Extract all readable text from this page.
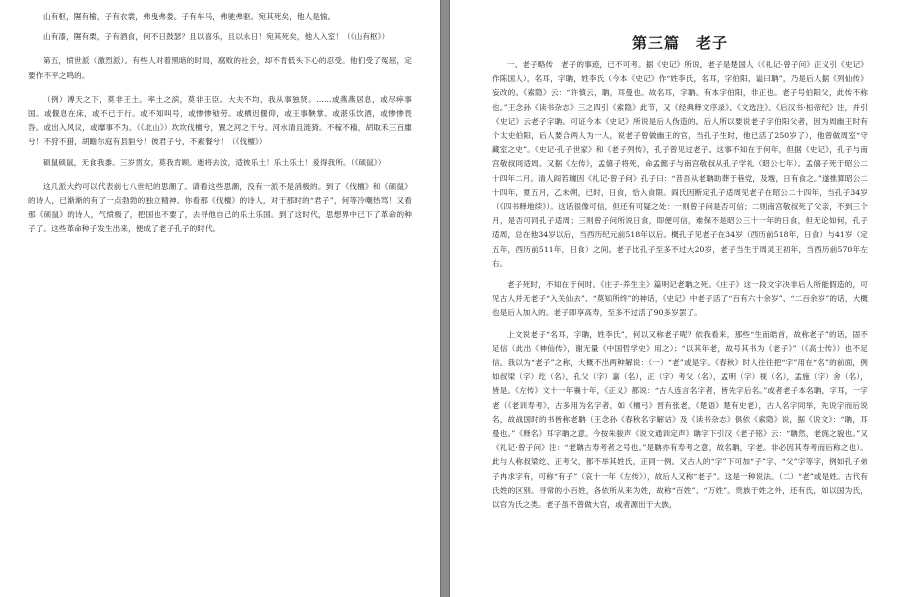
山有枢，隰有榆，子有衣裳，弗曳弗娄。子有车马，弗驰弗驱。宛其死矣，他人是愉。

山有漆，隰有栗，子有酒食，何不日鼓瑟？且以喜乐，且以永日！宛其死矣，他人入室！（《山有枢》）

第五，愤世派（激烈派）。有些人对着黑暗的时局，腐败的社会，却不肯低头下心的忍受。他们受了冤屈，定要作不平之鸣的。

（例）溥天之下，莫非王土。率土之滨，莫非王臣。大夫不均，我从事独贤。……或燕燕居息，或尽瘁事国。或偃息在床，或不已于行。或不知叫号，或惨惨劬劳。或栖迟偃仰，或王事鞅掌。或湛乐饮酒，或惨惨畏咎。或出入风议，或靡事不为。（《北山》）坎坎伐檀兮，置之河之干兮。河水清且涟猗。不稼不穑，胡取禾三百廛兮！不狩不猎，胡瞻尔庭有县貆兮！彼君子兮，不素餐兮！（《伐檀》）

硕鼠硕鼠，无食我黍。三岁贯女，莫我肯顾。逝将去汝，适彼乐土！乐土乐土！爰得我所。（《硕鼠》）

这几派大约可以代表前七八世纪的思潮了。请看这些思潮，没有一派不是消极的。到了《伐檀》和《硕鼠》的诗人，已渐渐的有了一点勃勃的独立精神。你看那《伐檀》的诗人，对于那时的“君子”，何等冷嘲热骂！又看那《硕鼠》的诗人，气愤极了，把国也不要了，去寻他自己的乐土乐国。到了这时代，思想界中已下了革命的种子了。这些革命种子发生出来，便成了老子孔子的时代。

第三篇　老子

一、老子略传　老子的事迹，已不可考。据《史记》所说，老子是楚国人（《礼记·曾子问》正义引《史记》作陈国人），名耳，字聃，姓李氏（今本《史记》作“姓李氏，名耳，字伯阳，谥曰聃”，乃是后人据《列仙传》妄改的。《索隐》云：“许慎云，聃，耳曼也。故名耳，字聃。有本字伯阳，非正也。老子号伯阳父，此传不称也。”王念孙《读书杂志》三之四引《索隐》此节，又《经典释文序录》、《文选注》、《后汉书·桓帝纪》注，并引《史记》云老子字聃。可证今本《史记》所说是后人伪造的。后人所以要说老子字伯阳父者，因为周幽王时有个太史伯阳，后人要合两人为一人，说老子曾做幽王的官，当孔子生时，他已活了250岁了），他曾做周室“守藏室之史”。《史记·孔子世家》和《老子列传》，孔子曾见过老子。这事不知在于何年，但据《史记》，孔子与南宫敬叔同适周。又据《左传》，孟僖子将死，命孟懿子与南宫敬叔从孔子学礼（昭公七年）。孟僖子死于昭公二十四年二月。清人阎若璩因《礼记·曾子问》孔子曰：“昔吾从老聃助葬于巷党，及堩，日有食之。”遂推算昭公二十四年，夏五月，乙未朔，已时，日食，恰入食限。阎氏因断定孔子适周见老子在昭公二十四年，当孔子34岁（《四书释地续》）。这话很像可信，但还有可疑之处：一则曾子问是否可信；二则南宫敬叔死了父亲，不到三个月，是否可同孔子适周；三则曾子问所说日食，即便可信，难保不是昭公三十一年的日食，但无论如何，孔子适周，总在他34岁以后，当西历纪元前518年以后。概孔子见老子在34岁（西历前518年，日食）与41岁（定五年，西历前511年，日食）之间。老子比孔子至多不过大20岁，老子当生于周灵王初年，当西历前570年左右。

老子死时，不知在于何时。《庄子·养生主》篇明记老聃之死。《庄子》这一段文字决非后人所能假造的，可见古人并无老子“入关仙去”、“莫知所终”的神话，《史记》中老子活了“百有六十余岁”、“二百余岁”的话，大概也是后人加入的。老子即享高寿，至多不过活了90多岁罢了。

上文说老子“名耳，字聃，姓李氏”，何以又称老子呢？依我看来，那些“生而皓首，故称老子”的话，固不足信（此出《神仙传》，谢无量《中国哲学史》用之）；“以其年老，故号其书为《老子》”（《高士传》）也不足信。我以为“老子”之称，大概不出两种解说：（一）“老”或是字。《春秋》时人往往把“字”用在“名”的前面，例如叔梁（字）纥（名），孔父（字）嘉（名），正（字）考父（名），孟明（字）视（名），孟施（字）舍（名），皆是。《左传》文十一年襄十年，《正义》都说：“古人连言名字者，皆先字后名。”或者老子本名聃，字耳，一字老（《老训寿考》，古多用为名字者，如《檀弓》晋有张老，《楚语》楚有史老），古人名字同举，先说字而后说名，故战国时的书皆称老聃（王念孙《春秋名字解诂》及《读书杂志》俱依《索隐》说，据《说文》：“聃，耳曼也。”《释名》耳字聃之意。今按朱骏声《说文通训定声》聃字下引汉《老子铭》云：“聃然，老旄之貌也。”又《礼记·曾子问》注：“老聃古寿考者之号也。”是聃亦有寿考之意，故名聃，字老。非必因其寿考而后称之也）。此与人称叔梁纥、正考父，都不举其姓氏，正同一例。又古人的“字”下可加“子”字、“父”字等字，例如孔子弟子冉求字有，可称“有子”（哀十一年《左传》），故后人又称“老子”。这是一种说法。（二）“老”或是姓。古代有氏姓的区别。寻常的小百姓，各依所从来为姓，故称“百姓”、“万姓”。贵族于姓之外，还有氏，如以国为氏，以官为氏之类。老子虽不曾做大官，或者源出于大族，
